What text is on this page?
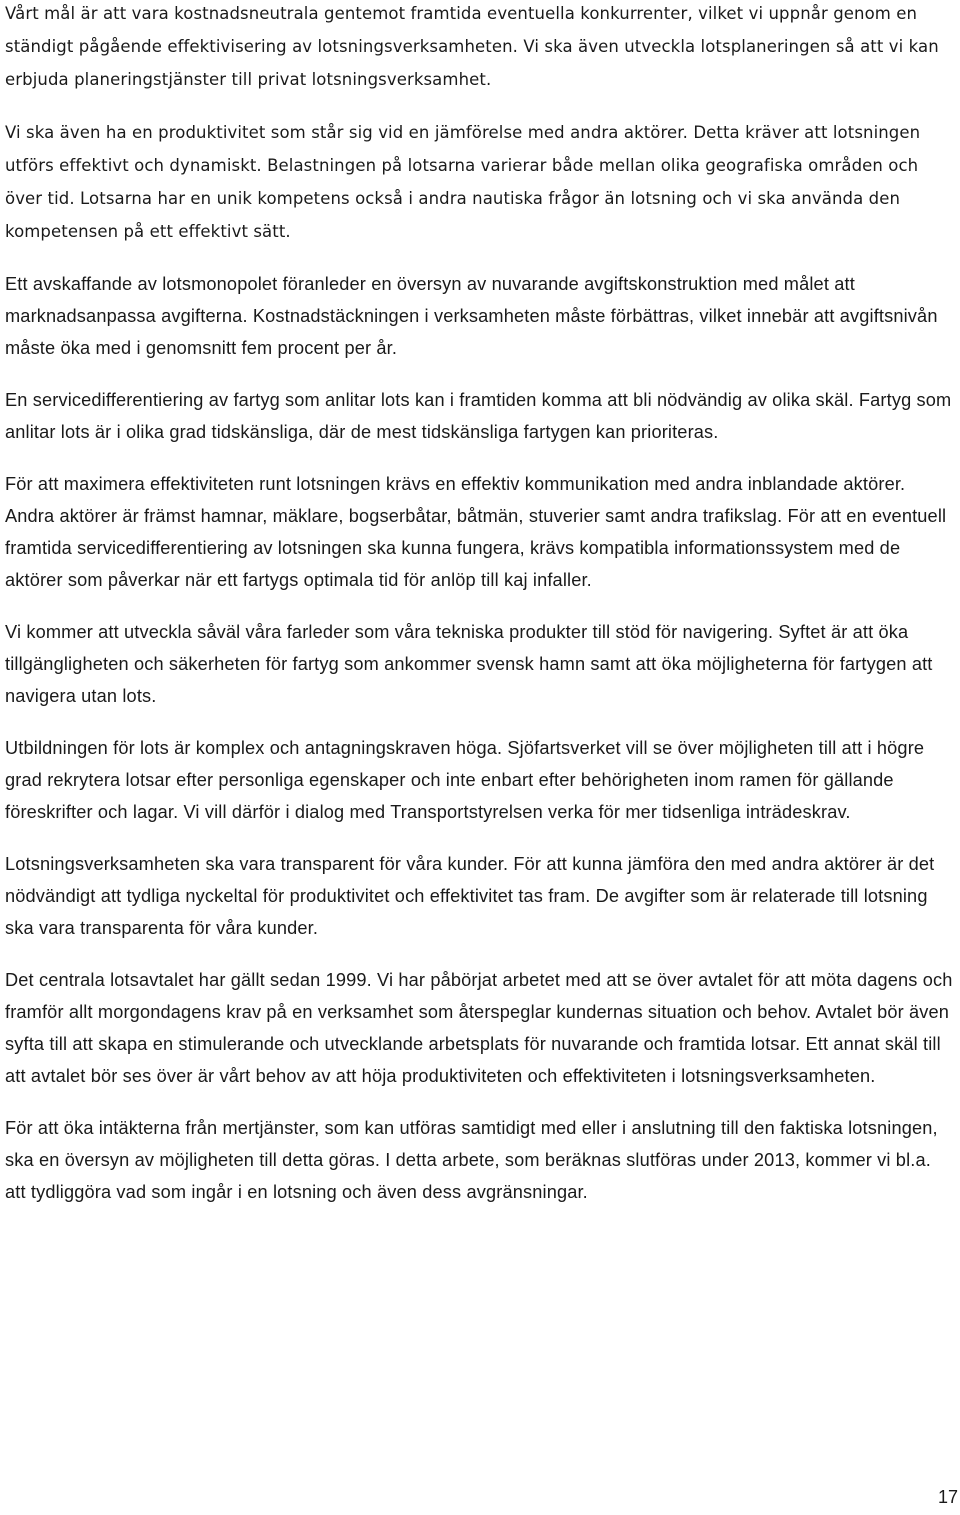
Vårt mål är att vara kostnadsneutrala gentemot framtida eventuella konkurrenter, vilket vi uppnår genom en ständigt pågående effektivisering av lotsningsverksamheten. Vi ska även utveckla lotsplaneringen så att vi kan erbjuda planeringstjänster till privat lotsningsverksamhet.

Vi ska även ha en produktivitet som står sig vid en jämförelse med andra aktörer. Detta kräver att lotsningen utförs effektivt och dynamiskt. Belastningen på lotsarna varierar både mellan olika geografiska områden och över tid. Lotsarna har en unik kompetens också i andra nautiska frågor än lotsning och vi ska använda den kompetensen på ett effektivt sätt.

Ett avskaffande av lotsmonopolet föranleder en översyn av nuvarande avgiftskonstruktion med målet att marknadsanpassa avgifterna. Kostnadstäckningen i verksamheten måste förbättras, vilket innebär att avgiftsnivån måste öka med i genomsnitt fem procent per år.

En servicedifferentiering av fartyg som anlitar lots kan i framtiden komma att bli nödvändig av olika skäl. Fartyg som anlitar lots är i olika grad tidskänsliga, där de mest tidskänsliga fartygen kan prioriteras.

För att maximera effektiviteten runt lotsningen krävs en effektiv kommunikation med andra inblandade aktörer. Andra aktörer är främst hamnar, mäklare, bogserbåtar, båtmän, stuverier samt andra trafikslag. För att en eventuell framtida servicedifferentiering av lotsningen ska kunna fungera, krävs kompatibla informationssystem med de aktörer som påverkar när ett fartygs optimala tid för anlöp till kaj infaller.

Vi kommer att utveckla såväl våra farleder som våra tekniska produkter till stöd för navigering. Syftet är att öka tillgängligheten och säkerheten för fartyg som ankommer svensk hamn samt att öka möjligheterna för fartygen att navigera utan lots.

Utbildningen för lots är komplex och antagningskraven höga. Sjöfartsverket vill se över möjligheten till att i högre grad rekrytera lotsar efter personliga egenskaper och inte enbart efter behörigheten inom ramen för gällande föreskrifter och lagar. Vi vill därför i dialog med Transportstyrelsen verka för mer tidsenliga inträdeskrav.

Lotsningsverksamheten ska vara transparent för våra kunder. För att kunna jämföra den med andra aktörer är det nödvändigt att tydliga nyckeltal för produktivitet och effektivitet tas fram. De avgifter som är relaterade till lotsning ska vara transparenta för våra kunder.

Det centrala lotsavtalet har gällt sedan 1999. Vi har påbörjat arbetet med att se över avtalet för att möta dagens och framför allt morgondagens krav på en verksamhet som återspeglar kundernas situation och behov. Avtalet bör även syfta till att skapa en stimulerande och utvecklande arbetsplats för nuvarande och framtida lotsar. Ett annat skäl till att avtalet bör ses över är vårt behov av att höja produktiviteten och effektiviteten i lotsningsverksamheten.

För att öka intäkterna från mertjänster, som kan utföras samtidigt med eller i anslutning till den faktiska lotsningen, ska en översyn av möjligheten till detta göras. I detta arbete, som beräknas slutföras under 2013, kommer vi bl.a. att tydliggöra vad som ingår i en lotsning och även dess avgränsningar.

17
